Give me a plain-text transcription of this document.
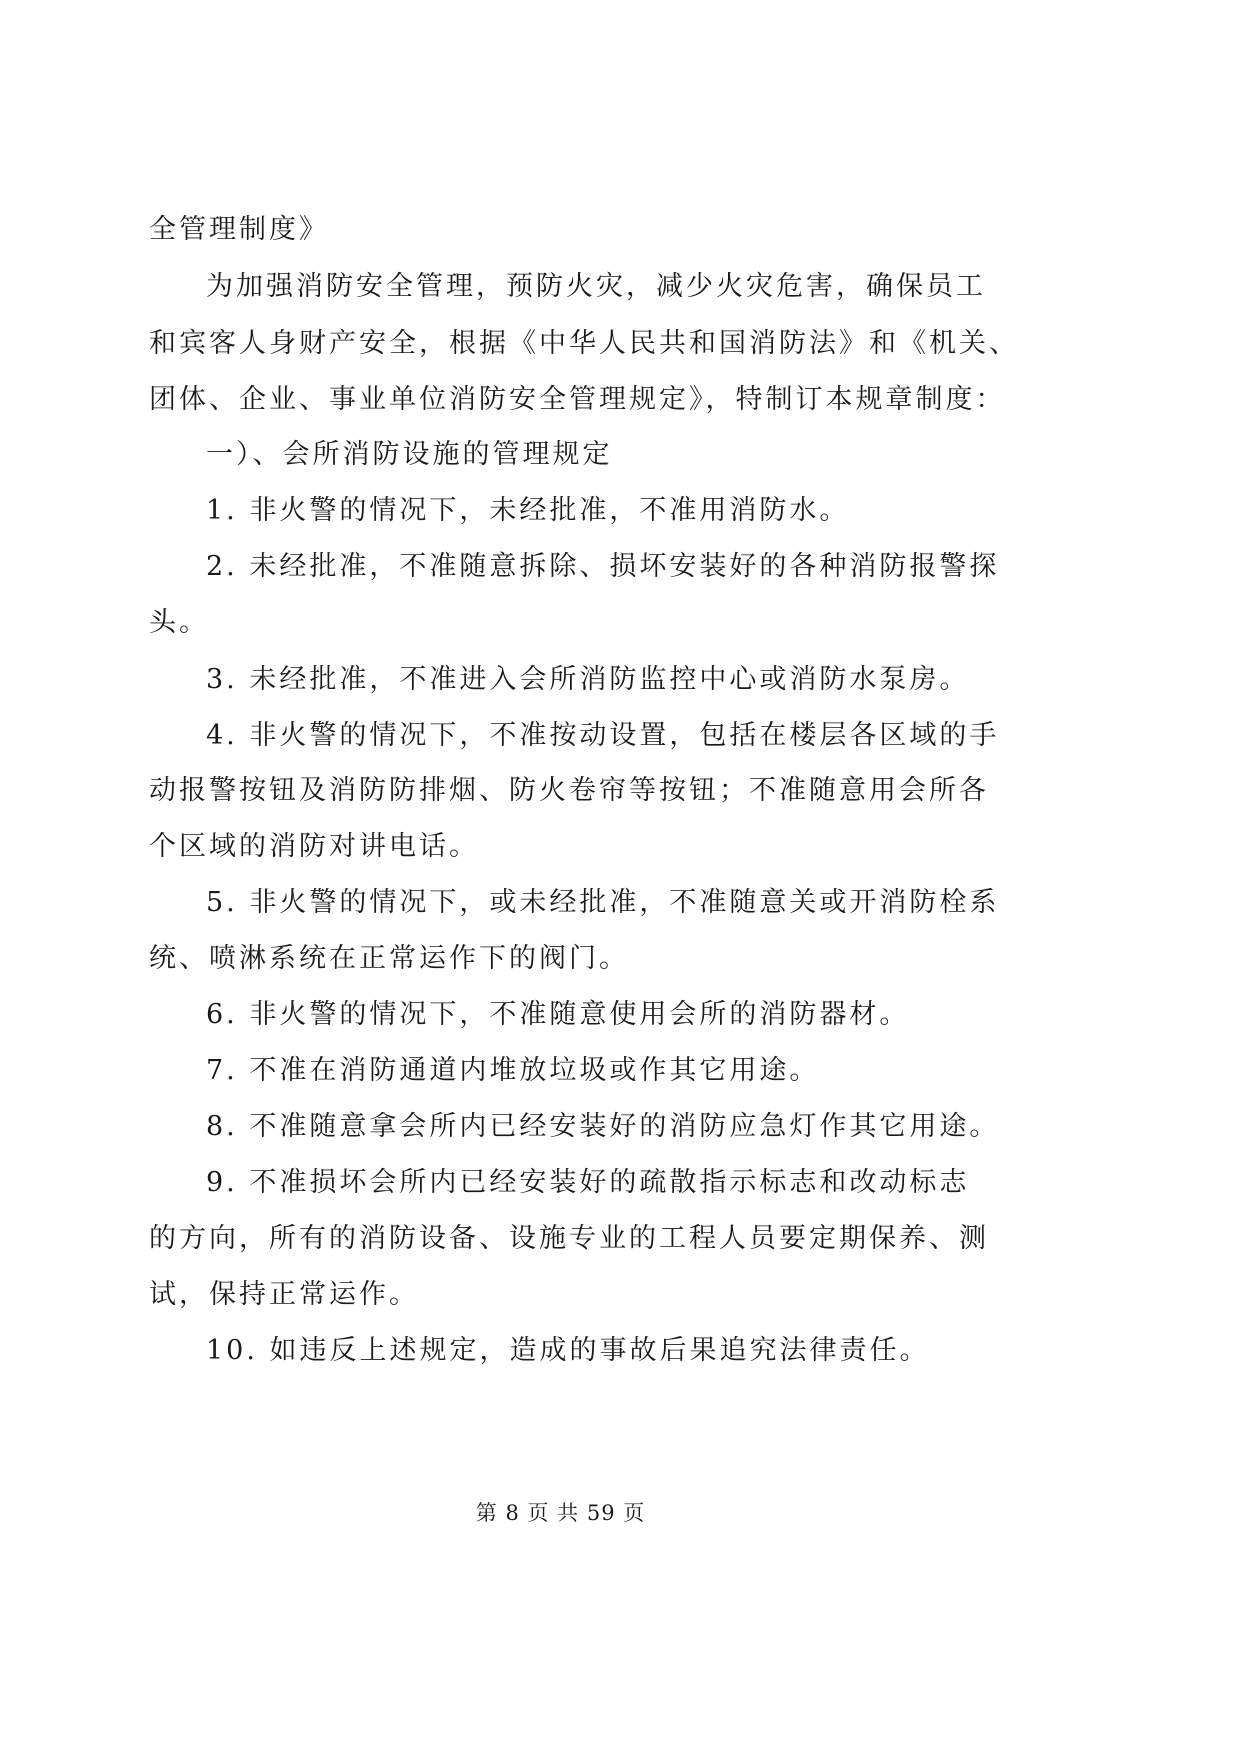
全管理制度》
为加强消防安全管理，预防火灾，减少火灾危害，确保员工
和宾客人身财产安全，根据《中华人民共和国消防法》和《机关、
团体、企业、事业单位消防安全管理规定》，特制订本规章制度：
一）、会所消防设施的管理规定
1. 非火警的情况下，未经批准，不准用消防水。
2. 未经批准，不准随意拆除、损坏安装好的各种消防报警探
头。
3. 未经批准，不准进入会所消防监控中心或消防水泵房。
4. 非火警的情况下，不准按动设置，包括在楼层各区域的手
动报警按钮及消防防排烟、防火卷帘等按钮；不准随意用会所各
个区域的消防对讲电话。
5. 非火警的情况下，或未经批准，不准随意关或开消防栓系
统、喷淋系统在正常运作下的阀门。
6. 非火警的情况下，不准随意使用会所的消防器材。
7. 不准在消防通道内堆放垃圾或作其它用途。
8. 不准随意拿会所内已经安装好的消防应急灯作其它用途。
9. 不准损坏会所内已经安装好的疏散指示标志和改动标志
的方向，所有的消防设备、设施专业的工程人员要定期保养、测
试，保持正常运作。
10. 如违反上述规定，造成的事故后果追究法律责任。
第 8 页 共 59 页
